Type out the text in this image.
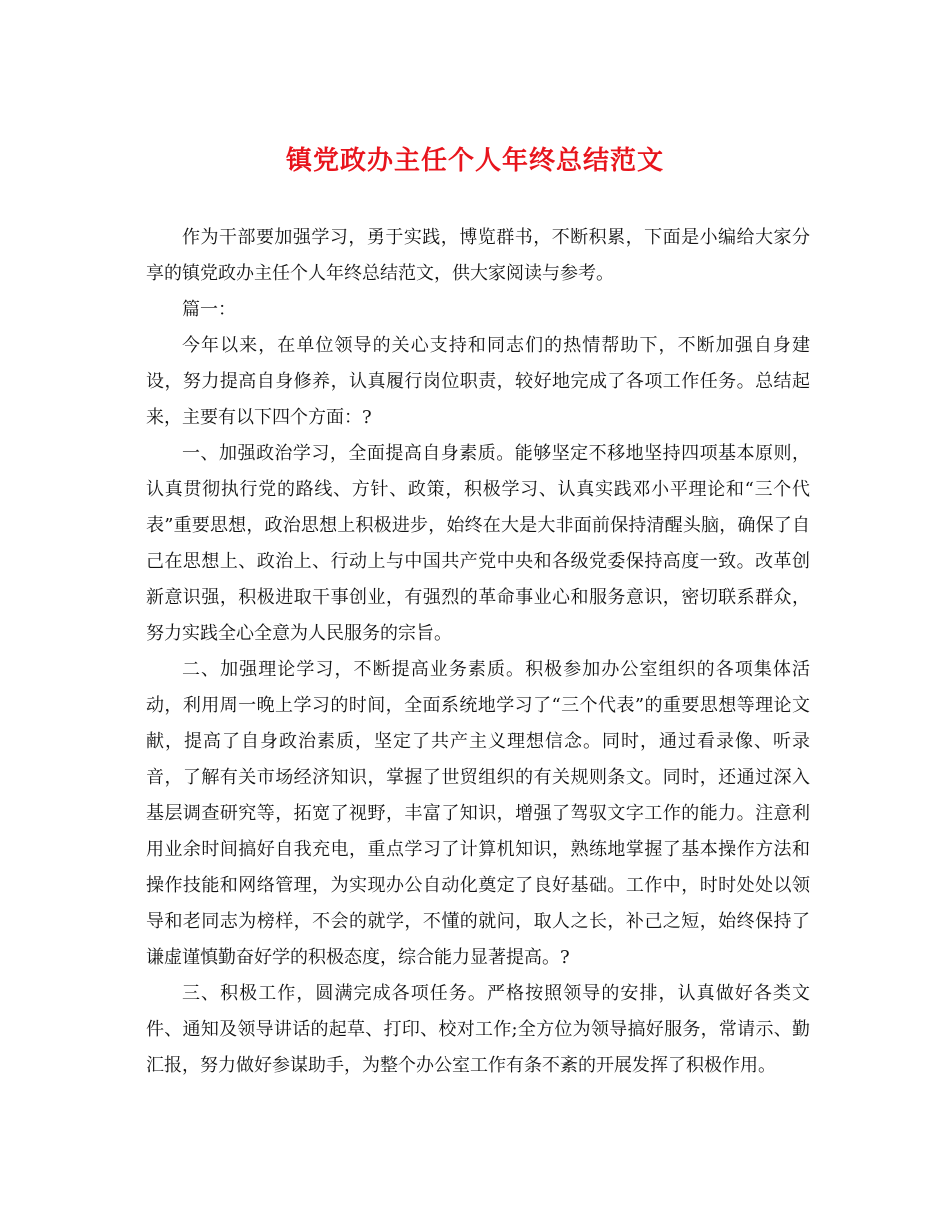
镇党政办主任个人年终总结范文

作为干部要加强学习，勇于实践，博览群书，不断积累，下面是小编给大家分享的镇党政办主任个人年终总结范文，供大家阅读与参考。

篇一：

今年以来，在单位领导的关心支持和同志们的热情帮助下，不断加强自身建设，努力提高自身修养，认真履行岗位职责，较好地完成了各项工作任务。总结起来，主要有以下四个方面：?

一、加强政治学习，全面提高自身素质。能够坚定不移地坚持四项基本原则，认真贯彻执行党的路线、方针、政策，积极学习、认真实践邓小平理论和“三个代表”重要思想，政治思想上积极进步，始终在大是大非面前保持清醒头脑，确保了自己在思想上、政治上、行动上与中国共产党中央和各级党委保持高度一致。改革创新意识强，积极进取干事创业，有强烈的革命事业心和服务意识，密切联系群众，努力实践全心全意为人民服务的宗旨。

二、加强理论学习，不断提高业务素质。积极参加办公室组织的各项集体活动，利用周一晚上学习的时间，全面系统地学习了“三个代表”的重要思想等理论文献，提高了自身政治素质，坚定了共产主义理想信念。同时，通过看录像、听录音，了解有关市场经济知识，掌握了世贸组织的有关规则条文。同时，还通过深入基层调查研究等，拓宽了视野，丰富了知识，增强了驾驭文字工作的能力。注意利用业余时间搞好自我充电，重点学习了计算机知识，熟练地掌握了基本操作方法和操作技能和网络管理，为实现办公自动化奠定了良好基础。工作中，时时处处以领导和老同志为榜样，不会的就学，不懂的就问，取人之长，补己之短，始终保持了谦虚谨慎勤奋好学的积极态度，综合能力显著提高。?

三、积极工作，圆满完成各项任务。严格按照领导的安排，认真做好各类文件、通知及领导讲话的起草、打印、校对工作;全方位为领导搞好服务，常请示、勤汇报，努力做好参谋助手，为整个办公室工作有条不紊的开展发挥了积极作用。
